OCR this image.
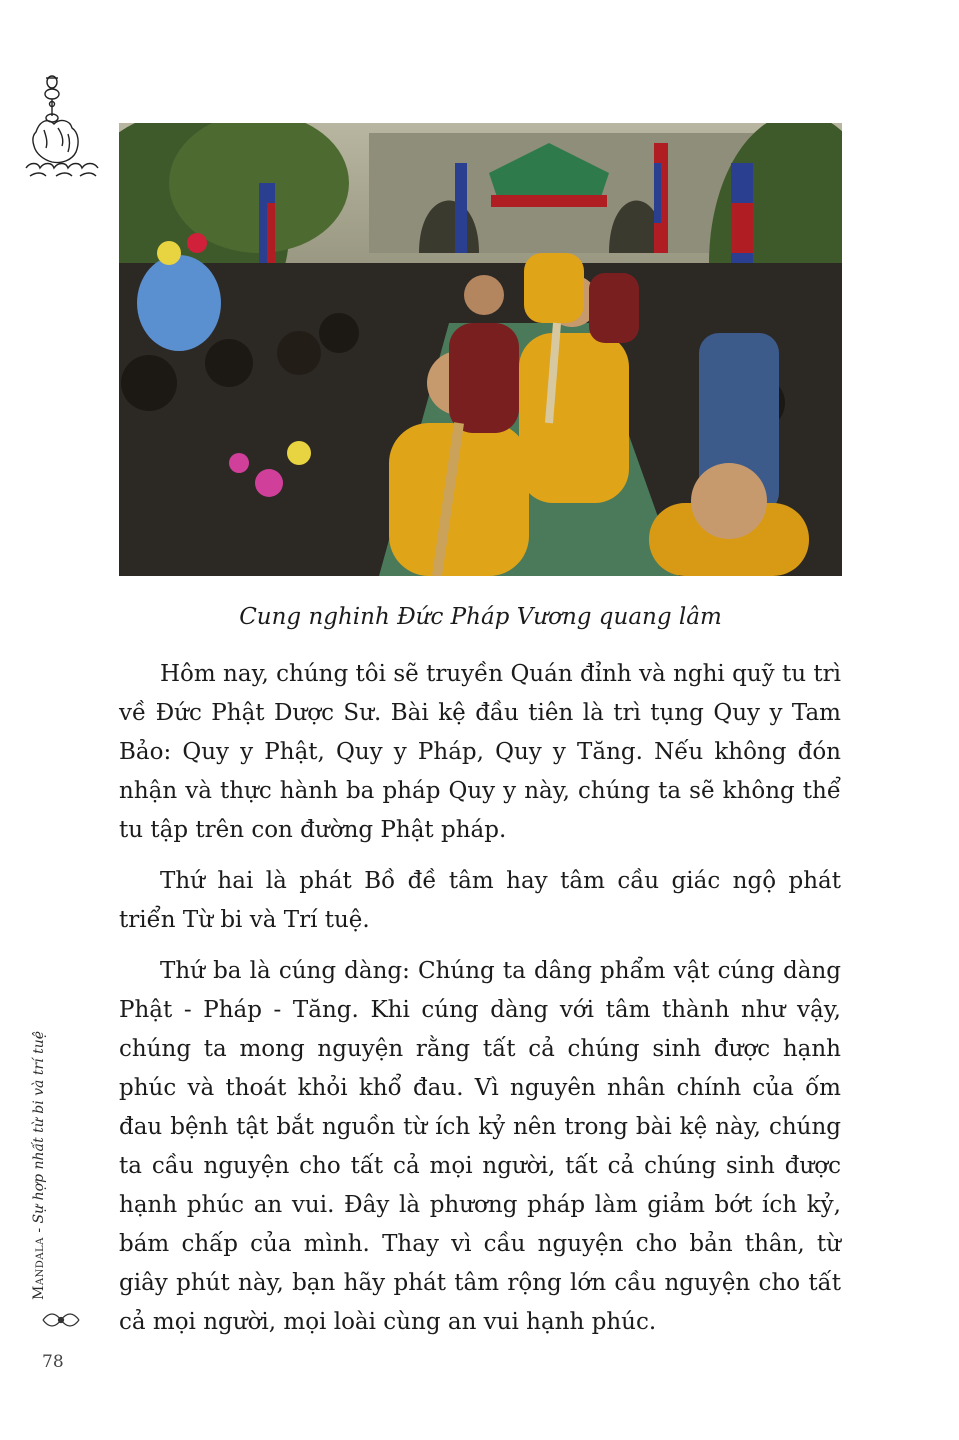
Cung nghinh Đức Pháp Vương quang lâm

Hôm nay, chúng tôi sẽ truyền Quán đỉnh và nghi quỹ tu trì về Đức Phật Dược Sư. Bài kệ đầu tiên là trì tụng Quy y Tam Bảo: Quy y Phật, Quy y Pháp, Quy y Tăng. Nếu không đón nhận và thực hành ba pháp Quy y này, chúng ta sẽ không thể tu tập trên con đường Phật pháp.

Thứ hai là phát Bồ đề tâm hay tâm cầu giác ngộ phát triển Từ bi và Trí tuệ.

Thứ ba là cúng dàng: Chúng ta dâng phẩm vật cúng dàng Phật - Pháp - Tăng. Khi cúng dàng với tâm thành như vậy, chúng ta mong nguyện rằng tất cả chúng sinh được hạnh phúc và thoát khỏi khổ đau. Vì nguyên nhân chính của ốm đau bệnh tật bắt nguồn từ ích kỷ nên trong bài kệ này, chúng ta cầu nguyện cho tất cả mọi người, tất cả chúng sinh được hạnh phúc an vui. Đây là phương pháp làm giảm bớt ích kỷ, bám chấp của mình. Thay vì cầu nguyện cho bản thân, từ giây phút này, bạn hãy phát tâm rộng lớn cầu nguyện cho tất cả mọi người, mọi loài cùng an vui hạnh phúc.

Mandala - Sự hợp nhất từ bi và trí tuệ
78
